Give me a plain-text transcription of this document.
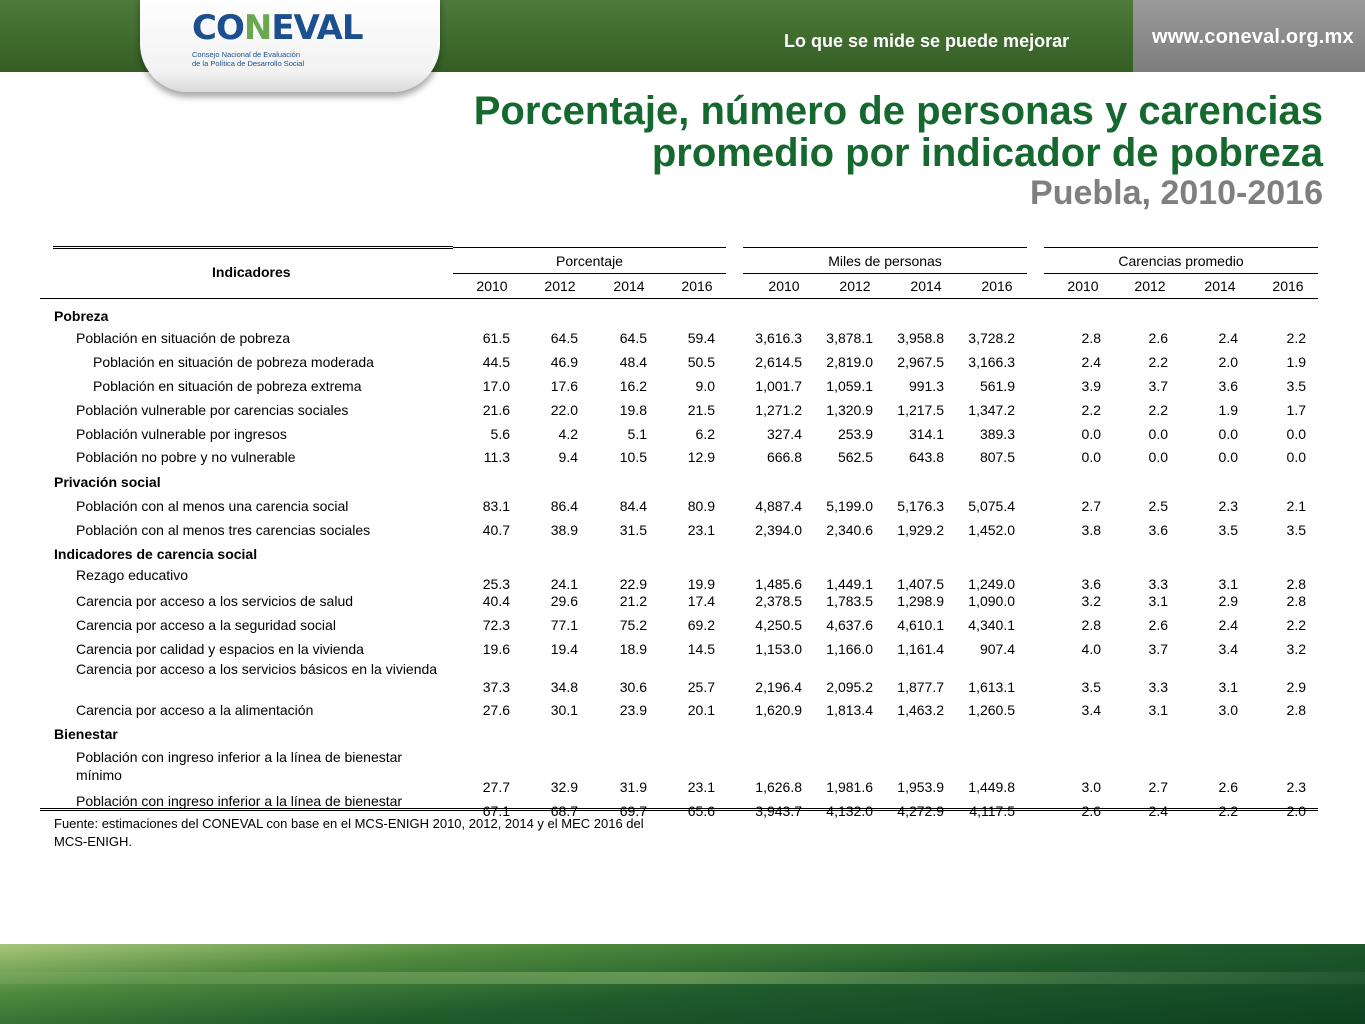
Lo que se mide se puede mejorar	www.coneval.org.mx
CONEVAL
Consejo Nacional de Evaluación
de la Política de Desarrollo Social
Porcentaje, número de personas y carencias
promedio por indicador de pobreza
Puebla, 2010-2016
Indicadores
Porcentaje
2010	2012	2014	2016
Miles de personas
2010	2012	2014	2016
Carencias promedio
2010	2012	2014	2016
Pobreza
Población en situación de pobreza	61.5	64.5	64.5	59.4	3,616.3	3,878.1	3,958.8	3,728.2	2.8	2.6	2.4	2.2
Población en situación de pobreza moderada	44.5	46.9	48.4	50.5	2,614.5	2,819.0	2,967.5	3,166.3	2.4	2.2	2.0	1.9
Población en situación de pobreza extrema	17.0	17.6	16.2	9.0	1,001.7	1,059.1	991.3	561.9	3.9	3.7	3.6	3.5
Población vulnerable por carencias sociales	21.6	22.0	19.8	21.5	1,271.2	1,320.9	1,217.5	1,347.2	2.2	2.2	1.9	1.7
Población vulnerable por ingresos	5.6	4.2	5.1	6.2	327.4	253.9	314.1	389.3	0.0	0.0	0.0	0.0
Población no pobre y no vulnerable	11.3	9.4	10.5	12.9	666.8	562.5	643.8	807.5	0.0	0.0	0.0	0.0
Privación social
Población con al menos una carencia social	83.1	86.4	84.4	80.9	4,887.4	5,199.0	5,176.3	5,075.4	2.7	2.5	2.3	2.1
Población con al menos tres carencias sociales	40.7	38.9	31.5	23.1	2,394.0	2,340.6	1,929.2	1,452.0	3.8	3.6	3.5	3.5
Indicadores de carencia social
Rezago educativo
25.3	24.1	22.9	19.9	1,485.6	1,449.1	1,407.5	1,249.0	3.6	3.3	3.1	2.8
Carencia por acceso a los servicios de salud	40.4	29.6	21.2	17.4	2,378.5	1,783.5	1,298.9	1,090.0	3.2	3.1	2.9	2.8
Carencia por acceso a la seguridad social	72.3	77.1	75.2	69.2	4,250.5	4,637.6	4,610.1	4,340.1	2.8	2.6	2.4	2.2
Carencia por calidad y espacios en la vivienda	19.6	19.4	18.9	14.5	1,153.0	1,166.0	1,161.4	907.4	4.0	3.7	3.4	3.2
Carencia por acceso a los servicios básicos en la vivienda
37.3	34.8	30.6	25.7	2,196.4	2,095.2	1,877.7	1,613.1	3.5	3.3	3.1	2.9
Carencia por acceso a la alimentación	27.6	30.1	23.9	20.1	1,620.9	1,813.4	1,463.2	1,260.5	3.4	3.1	3.0	2.8
Bienestar
Población con ingreso inferior a la línea de bienestar mínimo
27.7	32.9	31.9	23.1	1,626.8	1,981.6	1,953.9	1,449.8	3.0	2.7	2.6	2.3
Población con ingreso inferior a la línea de bienestar
67.1	68.7	69.7	65.6	3,943.7	4,132.0	4,272.9	4,117.5	2.6	2.4	2.2	2.0
Fuente: estimaciones del CONEVAL con base en el MCS-ENIGH 2010, 2012, 2014 y el MEC 2016 del MCS-ENIGH.
